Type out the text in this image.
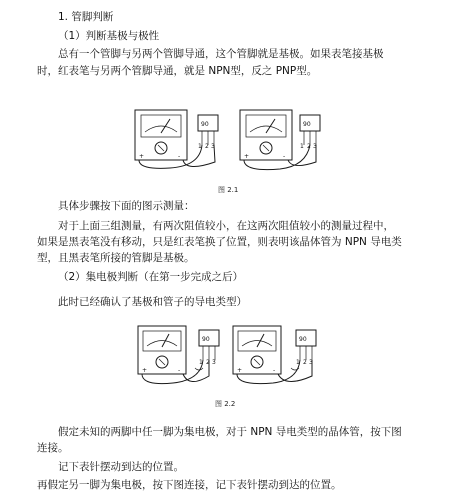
1. 管脚判断
（1）判断基极与极性
总有一个管脚与另两个管脚导通，这个管脚就是基极。如果表笔接基极
时，红表笔与另两个管脚导通，就是 NPN型，反之 PNP型。
+	-
90
1 2 3
+	-
90
1 2 3
图 2.1
具体步骤按下面的图示测量：
对于上面三组测量，有两次阻值较小，在这两次阻值较小的测量过程中，
如果是黑表笔没有移动，只是红表笔换了位置，则表明该晶体管为 NPN 导电类
型，且黑表笔所接的管脚是基极。
（2）集电极判断（在第一步完成之后）
此时已经确认了基极和管子的导电类型）
+	-
90
1 2 3
+	-
90
1 2 3
图 2.2
假定未知的两脚中任一脚为集电极，对于 NPN 导电类型的晶体管，按下图
连接。
记下表针摆动到达的位置。
再假定另一脚为集电极，按下图连接，记下表针摆动到达的位置。
